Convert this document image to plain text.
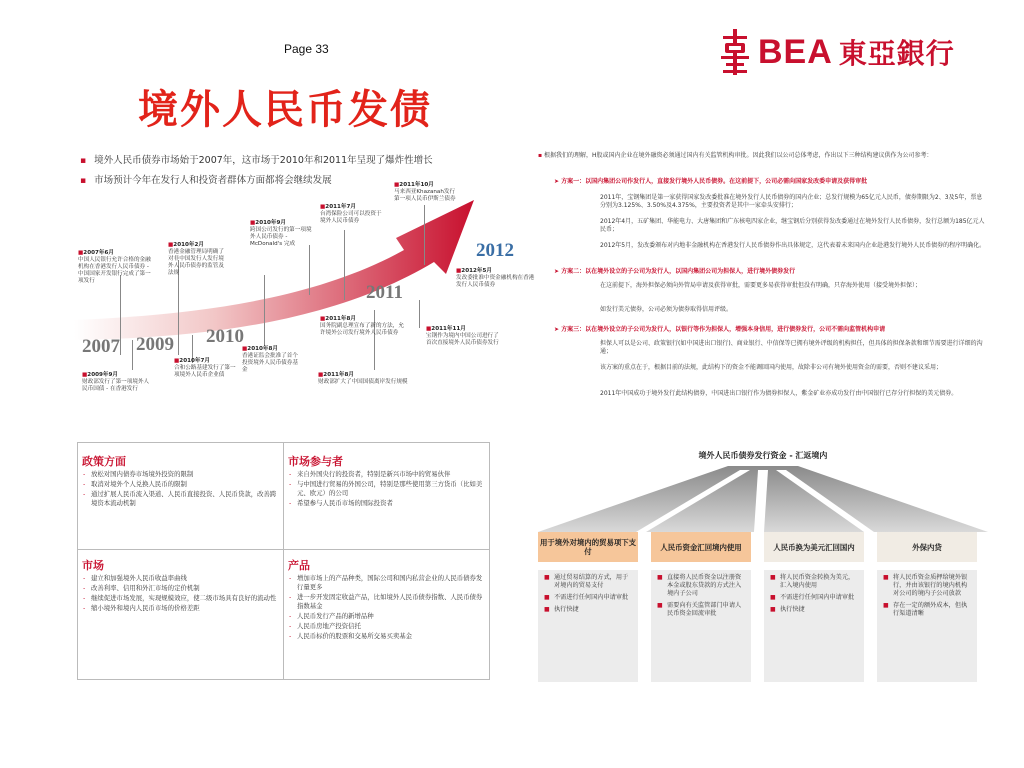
Page 33
境外人民币发债
BEA 東亞銀行
▪ 境外人民币债券市场始于2007年，这市场于2010年和2011年呈现了爆炸性增长
▪ 市场预计今年在发行人和投资者群体方面都将会继续发展
2007 2009 2010
2011
2012
■ 2007年6月
中国人民银行允许合格的金融机构在香港发行人民币债券 - 中国国家开发银行完成了第一项发行
■ 2009年9月
财政部发行了第一项境外人民币国债 - 在香港发行
■ 2010年2月
香港金融管理局明确了对非中国发行人发行境外人民币债券的监管及法规
■ 2010年7月
合和公路基建发行了第一项境外人民币企业债
■ 2010年9月
跨国公司发行的第一项境外人民币债券 - McDonald's 完成
■ 2010年8月
香港证监会批准了首个投资境外人民币债券基金
■ 2011年7月
台湾保险公司可以投资于境外人民币债券
■ 2011年8月
国务院副总理宣布了新的方法，允许境外公司发行境外人民币债券
■ 2011年8月
财政部扩大了中国国债离岸发行规模
■ 2011年10月
马来西亚Khazanah发行第一项人民币伊斯兰债券
■ 2011年11月
宝钢作为境内中国公司进行了首次直接境外人民币债券发行
■ 2012年5月
发改委批准中资金融机构在香港发行人民币债券
▪ 根据我们的理解，H股或国内企业在境外融资必须通过国内有关监管机构审批。因此我们以公司总体考虑，作出以下三种结构建议供作为公司参考：
➤ 方案一：以国内集团公司作发行人，直接发行境外人民币债券。在这前提下，公司必需向国家发改委申请及获得审批
2011年，宝钢集团是第一家获得国家发改委批准在境外发行人民币债券的国内企业；总发行规模为65亿元人民币，债券期限为2、3及5年，票息分别为3.125%、3.50%及4.375%，主要投资者是其中一家牵头安排行；
2012年4月，五矿集团、华能电力、大唐集团和广东核电四家企业，继宝钢后分别获得发改委通过在境外发行人民币债券，发行总额为185亿元人民币；
2012年5月，发改委颁布对内地非金融机构在香港发行人民币债券作出具体规定，这代表着未来国内企业赴港发行境外人民币债券的程序明确化。
➤ 方案二：以在境外设立的子公司为发行人，以国内集团公司为担保人，进行境外债券发行
在这前提下，海外担保必须向外管局申请及获得审批，需要更多易获得审批但没有明确，只存海外使用（接受境外担保）；
如发行美元债券，公司必须为债券取得信用评级。
➤ 方案三：以在境外设立的子公司为发行人，以银行等作为担保人，增强本身信用，进行债券发行，公司不需向监管机构申请
担保人可以是公司、政策银行(如中国进出口银行)、商业银行、中信保等已拥有境外评级的机构担任，但具体的担保条款和细节需要进行详细的沟通；
该方案的重点在于，根据目前的法规，此结构下的资金不能调回国内使用，故除非公司有境外使用资金的需要，否则不建议采用；
2011年中国成功于境外发行此结构债券，中国进出口银行作为债券担保人，紫金矿业亦成功发行由中国银行已存分行担保的美元债券。
政策方面
- 放松对国内债券市场境外投资的限制
- 取消对境外个人兑换人民币的限制
- 通过扩展人民币流入渠道、人民币直接投资、人民币贷款，改善跨境资本流动机制
市场参与者
- 来自外国央行的投资者，特别是新兴市场中的贸易伙伴
- 与中国进行贸易的外国公司，特别是那些使用第三方货币（比如美元、欧元）的公司
- 希望参与人民币市场的国际投资者
市场
- 建立和加强境外人民币收益率曲线
- 改善利率、信用和外汇市场的定价机制
- 继续促进市场发展，实现规模效应，使二级市场具有良好的流动性
- 缩小境外和境内人民币市场的价格差距
产品
- 增加市场上的产品种类，国际公司和国内私营企业的人民币债券发行量更多
- 进一步开发固定收益产品，比如境外人民币债券指数、人民币债券指数基金
- 人民币发行产品的新增品种
- 人民币房地产投资信托
- 人民币标价的股票和交易所交易买卖基金
境外人民币债券发行资金 - 汇返境内
用于境外对境内的贸易项下支付
■ 通过贸易结算的方式，用于对境内的贸易支付
■ 不需进行任何国内申请审批
■ 执行快捷
人民币资金汇回境内使用
■ 直接将人民币资金以注册资本金或股东贷款的方式注入境内子公司
■ 需要向有关监管部门申请人民币资金回流审批
人民币换为美元汇回国内
■ 将人民币资金转换为美元，汇入境内使用
■ 不需进行任何国内申请审批
■ 执行快捷
外保内贷
■ 将人民币资金质押给境外银行，并由该银行的境内机构对公司的境内子公司放款
■ 存在一定的额外成本，但执行渠道清晰
